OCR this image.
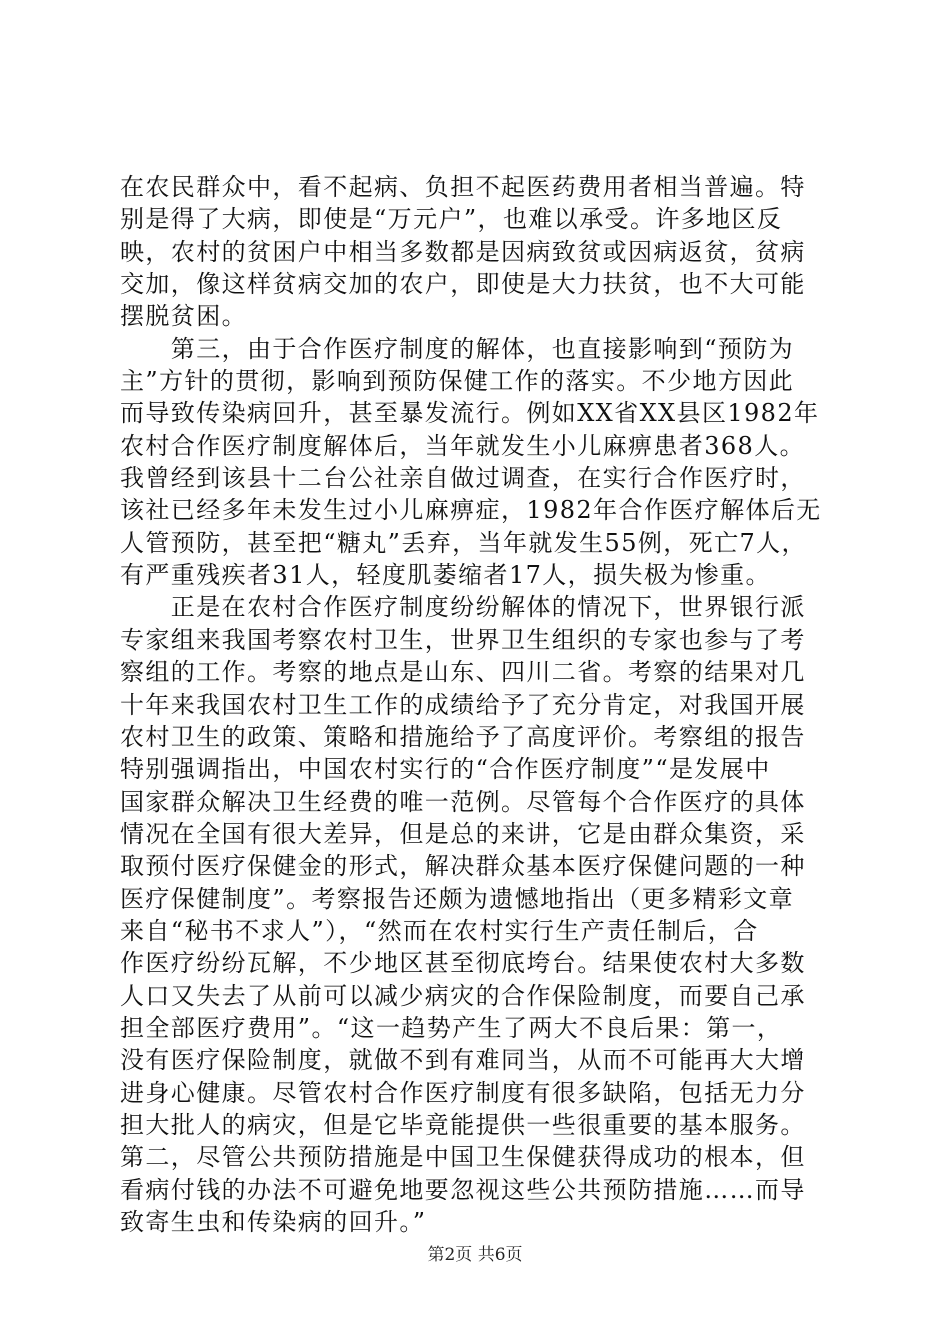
在农民群众中，看不起病、负担不起医药费用者相当普遍。特
别是得了大病，即使是“万元户”，也难以承受。许多地区反
映，农村的贫困户中相当多数都是因病致贫或因病返贫，贫病
交加，像这样贫病交加的农户，即使是大力扶贫，也不大可能
摆脱贫困。
　　第三，由于合作医疗制度的解体，也直接影响到“预防为
主”方针的贯彻，影响到预防保健工作的落实。不少地方因此
而导致传染病回升，甚至暴发流行。例如XX省XX县区1982年
农村合作医疗制度解体后，当年就发生小儿麻痹患者368人。
我曾经到该县十二台公社亲自做过调查，在实行合作医疗时，
该社已经多年未发生过小儿麻痹症，1982年合作医疗解体后无
人管预防，甚至把“糖丸”丢弃，当年就发生55例，死亡7人，
有严重残疾者31人，轻度肌萎缩者17人，损失极为惨重。
　　正是在农村合作医疗制度纷纷解体的情况下，世界银行派
专家组来我国考察农村卫生，世界卫生组织的专家也参与了考
察组的工作。考察的地点是山东、四川二省。考察的结果对几
十年来我国农村卫生工作的成绩给予了充分肯定，对我国开展
农村卫生的政策、策略和措施给予了高度评价。考察组的报告
特别强调指出，中国农村实行的“合作医疗制度”“是发展中
国家群众解决卫生经费的唯一范例。尽管每个合作医疗的具体
情况在全国有很大差异，但是总的来讲，它是由群众集资，采
取预付医疗保健金的形式，解决群众基本医疗保健问题的一种
医疗保健制度”。考察报告还颇为遗憾地指出（更多精彩文章
来自“秘书不求人”），“然而在农村实行生产责任制后，合
作医疗纷纷瓦解，不少地区甚至彻底垮台。结果使农村大多数
人口又失去了从前可以减少病灾的合作保险制度，而要自己承
担全部医疗费用”。“这一趋势产生了两大不良后果：第一，
没有医疗保险制度，就做不到有难同当，从而不可能再大大增
进身心健康。尽管农村合作医疗制度有很多缺陷，包括无力分
担大批人的病灾，但是它毕竟能提供一些很重要的基本服务。
第二，尽管公共预防措施是中国卫生保健获得成功的根本，但
看病付钱的办法不可避免地要忽视这些公共预防措施……而导
致寄生虫和传染病的回升。”
第2页 共6页
